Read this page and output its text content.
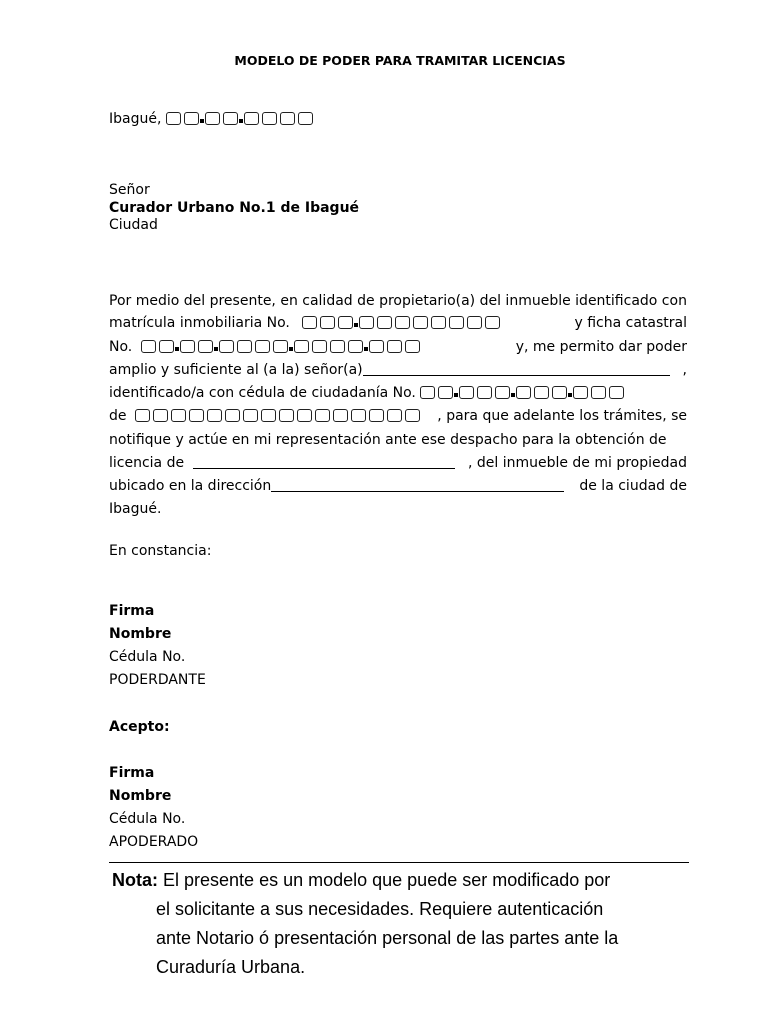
MODELO DE PODER PARA TRAMITAR LICENCIAS
Ibagué,
Señor
Curador Urbano No.1 de Ibagué
Ciudad
Por medio del presente, en calidad de propietario(a) del inmueble identificado con
matrícula inmobiliaria No.	y ficha catastral
No.	y, me permito dar poder
amplio y suficiente al (a la) señor(a)	,
identificado/a con cédula de ciudadanía No.
de	, para que adelante los trámites, se
notifique y actúe en mi representación ante ese despacho para la obtención de
licencia de	, del inmueble de mi propiedad
ubicado en la dirección	de la ciudad de
Ibagué.
En constancia:
Firma
Nombre
Cédula No.
PODERDANTE
Acepto:
Firma
Nombre
Cédula No.
APODERADO
Nota: El presente es un modelo que puede ser modificado por
el solicitante a sus necesidades. Requiere autenticación
ante Notario ó presentación personal de las partes ante la
Curaduría Urbana.
